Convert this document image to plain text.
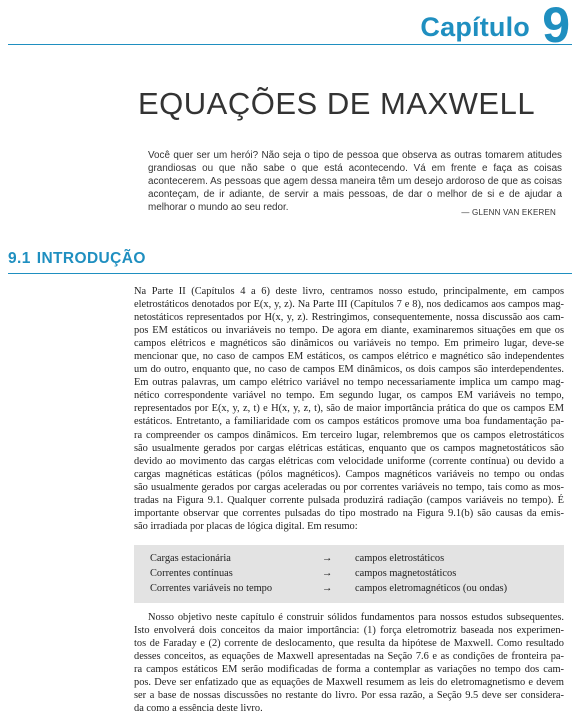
Capítulo 9
EQUAÇÕES DE MAXWELL

Você quer ser um herói? Não seja o tipo de pessoa que observa as outras tomarem atitudes grandiosas ou que não sabe o que está acontecendo. Vá em frente e faça as coisas acontecerem. As pessoas que agem dessa maneira têm um desejo ardoroso de que as coisas aconteçam, de ir adiante, de servir a mais pessoas, de dar o melhor de si e de ajudar a melhorar o mundo ao seu redor.	— GLENN VAN EKEREN
9.1 INTRODUÇÃO
Na Parte II (Capítulos 4 a 6) deste livro, centramos nosso estudo, principalmente, em campos
eletrostáticos denotados por E(x, y, z). Na Parte III (Capítulos 7 e 8), nos dedicamos aos campos mag-
netostáticos representados por H(x, y, z). Restringimos, consequentemente, nossa discussão aos cam-
pos EM estáticos ou invariáveis no tempo. De agora em diante, examinaremos situações em que os
campos elétricos e magnéticos são dinâmicos ou variáveis no tempo. Em primeiro lugar, deve-se
mencionar que, no caso de campos EM estáticos, os campos elétrico e magnético são independentes
um do outro, enquanto que, no caso de campos EM dinâmicos, os dois campos são interdependentes.
Em outras palavras, um campo elétrico variável no tempo necessariamente implica um campo mag-
nético correspondente variável no tempo. Em segundo lugar, os campos EM variáveis no tempo,
representados por E(x, y, z, t) e H(x, y, z, t), são de maior importância prática do que os campos EM
estáticos. Entretanto, a familiaridade com os campos estáticos promove uma boa fundamentação pa-
ra compreender os campos dinâmicos. Em terceiro lugar, relembremos que os campos eletrostáticos
são usualmente gerados por cargas elétricas estáticas, enquanto que os campos magnetostáticos são
devido ao movimento das cargas elétricas com velocidade uniforme (corrente contínua) ou devido a
cargas magnéticas estáticas (pólos magnéticos). Campos magnéticos variáveis no tempo ou ondas
são usualmente gerados por cargas aceleradas ou por correntes variáveis no tempo, tais como as mos-
tradas na Figura 9.1. Qualquer corrente pulsada produzirá radiação (campos variáveis no tempo). É
importante observar que correntes pulsadas do tipo mostrado na Figura 9.1(b) são causas da emis-
são irradiada por placas de lógica digital. Em resumo:
Cargas estacionária	→ campos eletrostáticos
Correntes contínuas	→ campos magnetostáticos
Correntes variáveis no tempo	→ campos eletromagnéticos (ou ondas)
Nosso objetivo neste capítulo é construir sólidos fundamentos para nossos estudos subsequentes.
Isto envolverá dois conceitos da maior importância: (1) força eletromotriz baseada nos experimen-
tos de Faraday e (2) corrente de deslocamento, que resulta da hipótese de Maxwell. Como resultado
desses conceitos, as equações de Maxwell apresentadas na Seção 7.6 e as condições de fronteira pa-
ra campos estáticos EM serão modificadas de forma a contemplar as variações no tempo dos cam-
pos. Deve ser enfatizado que as equações de Maxwell resumem as leis do eletromagnetismo e devem
ser a base de nossas discussões no restante do livro. Por essa razão, a Seção 9.5 deve ser considera-
da como a essência deste livro.
